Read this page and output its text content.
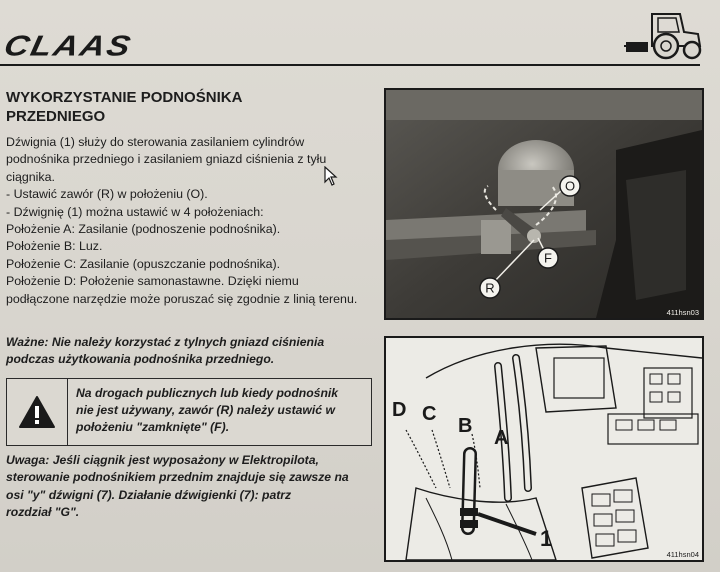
CLAAS
WYKORZYSTANIE PODNOŚNIKA
PRZEDNIEGO

Dźwignia (1) służy do sterowania zasilaniem cylindrów

podnośnika przedniego i zasilaniem gniazd ciśnienia z tyłu

ciągnika.

- Ustawić zawór (R) w położeniu (O).

- Dźwignię (1) można ustawić w 4 położeniach:

Położenie A: Zasilanie (podnoszenie podnośnika).

Położenie B: Luz.

Położenie C: Zasilanie (opuszczanie podnośnika).

Położenie D: Położenie samonastawne. Dzięki niemu

podłączone narzędzie może poruszać się zgodnie z linią terenu.

Ważne: Nie należy korzystać z tylnych gniazd ciśnienia
podczas użytkowania podnośnika przedniego.
Na drogach publicznych lub kiedy podnośnik
nie jest używany, zawór (R) należy ustawić w
położeniu "zamknięte" (F).
Uwaga: Jeśli ciągnik jest wyposażony w Elektropilota,
sterowanie podnośnikiem przednim znajduje się zawsze na
osi "y" dźwigni (7). Działanie dźwigienki (7): patrz
rozdział "G".
O
F
R
411hsn03
D C
B
A
1
411hsn04
